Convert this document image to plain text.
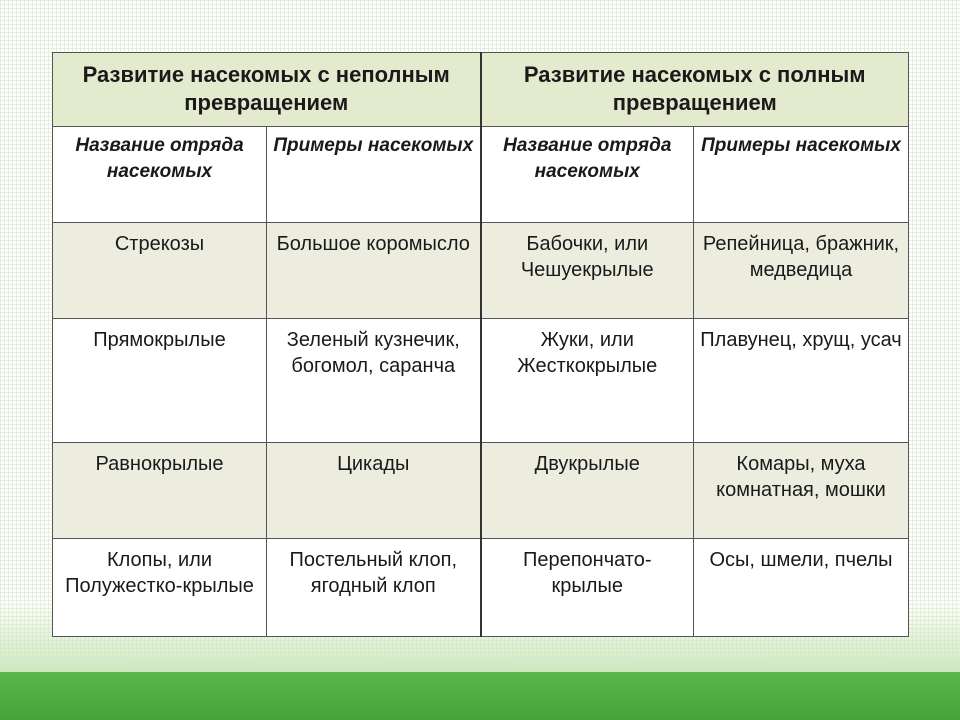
Развитие насекомых с неполным превращением		Развитие насекомых с полным превращением	
Название отряда насекомых	Примеры насекомых	Название отряда насекомых	Примеры насекомых
Стрекозы	Большое коромысло	Бабочки, или Чешуекрылые	Репейница, бражник, медведица
Прямокрылые	Зеленый кузнечик, богомол, саранча	Жуки, или Жесткокрылые	Плавунец, хрущ, усач
Равнокрылые	Цикады	Двукрылые	Комары, муха комнатная, мошки
Клопы, или Полужестко-крылые	Постельный клоп, ягодный клоп	Перепончато-крылые	Осы, шмели, пчелы
